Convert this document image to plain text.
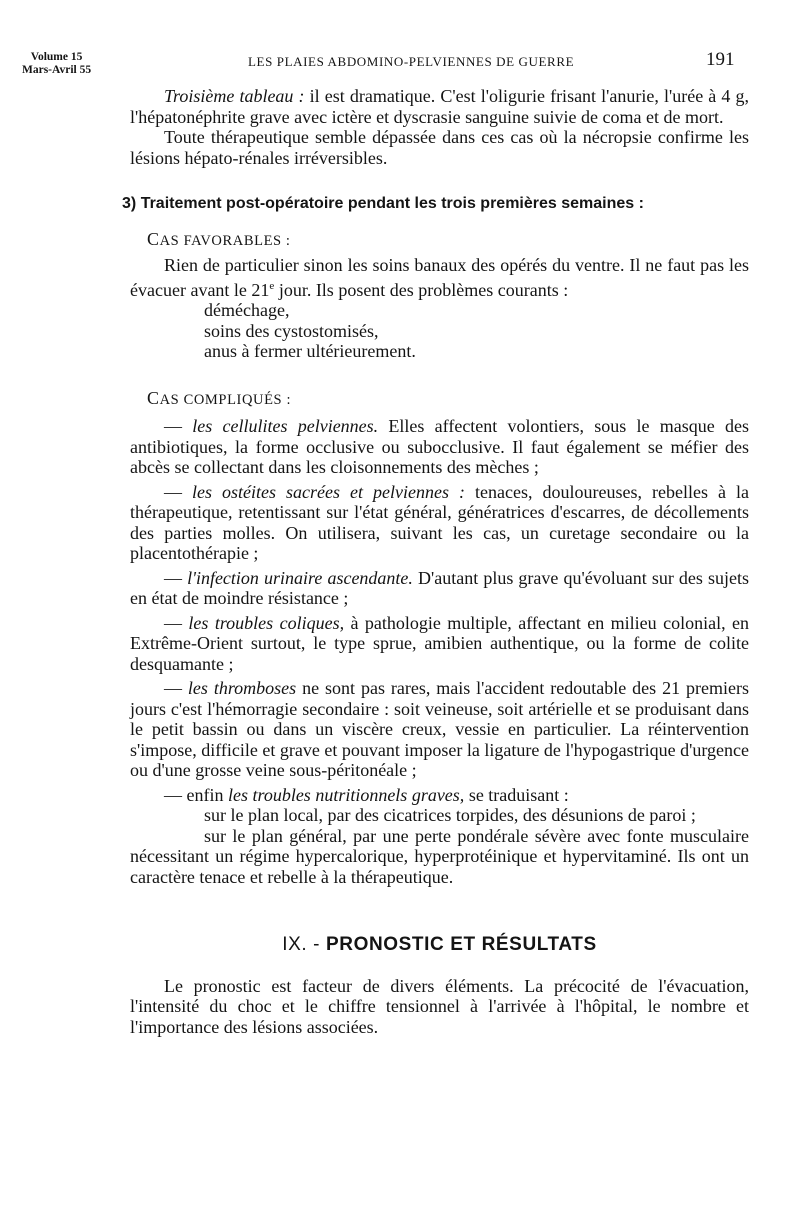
Volume 15
Mars-Avril 55
LES PLAIES ABDOMINO-PELVIENNES DE GUERRE	191

Troisième tableau : il est dramatique. C'est l'oligurie frisant l'anurie, l'urée à 4 g, l'hépatonéphrite grave avec ictère et dyscrasie sanguine suivie de coma et de mort.

Toute thérapeutique semble dépassée dans ces cas où la nécropsie confirme les lésions hépato-rénales irréversibles.

3) Traitement post-opératoire pendant les trois premières semaines :

CAS FAVORABLES :

Rien de particulier sinon les soins banaux des opérés du ventre. Il ne faut pas les évacuer avant le 21e jour. Ils posent des problèmes courants :

déméchage,
soins des cystostomisés,
anus à fermer ultérieurement.

CAS COMPLIQUÉS :

— les cellulites pelviennes. Elles affectent volontiers, sous le masque des antibiotiques, la forme occlusive ou subocclusive. Il faut également se méfier des abcès se collectant dans les cloisonnements des mèches ;

— les ostéites sacrées et pelviennes : tenaces, douloureuses, rebelles à la thérapeutique, retentissant sur l'état général, génératrices d'escarres, de décollements des parties molles. On utilisera, suivant les cas, un curetage secondaire ou la placentothérapie ;

— l'infection urinaire ascendante. D'autant plus grave qu'évoluant sur des sujets en état de moindre résistance ;

— les troubles coliques, à pathologie multiple, affectant en milieu colonial, en Extrême-Orient surtout, le type sprue, amibien authentique, ou la forme de colite desquamante ;

— les thromboses ne sont pas rares, mais l'accident redoutable des 21 premiers jours c'est l'hémorragie secondaire : soit veineuse, soit artérielle et se produisant dans le petit bassin ou dans un viscère creux, vessie en particulier. La réintervention s'impose, difficile et grave et pouvant imposer la ligature de l'hypogastrique d'urgence ou d'une grosse veine sous-péritonéale ;

— enfin les troubles nutritionnels graves, se traduisant :

sur le plan local, par des cicatrices torpides, des désunions de paroi ;

sur le plan général, par une perte pondérale sévère avec fonte musculaire nécessitant un régime hypercalorique, hyperprotéinique et hypervitaminé. Ils ont un caractère tenace et rebelle à la thérapeutique.

IX. - PRONOSTIC ET RÉSULTATS

Le pronostic est facteur de divers éléments. La précocité de l'évacuation, l'intensité du choc et le chiffre tensionnel à l'arrivée à l'hôpital, le nombre et l'importance des lésions associées.
